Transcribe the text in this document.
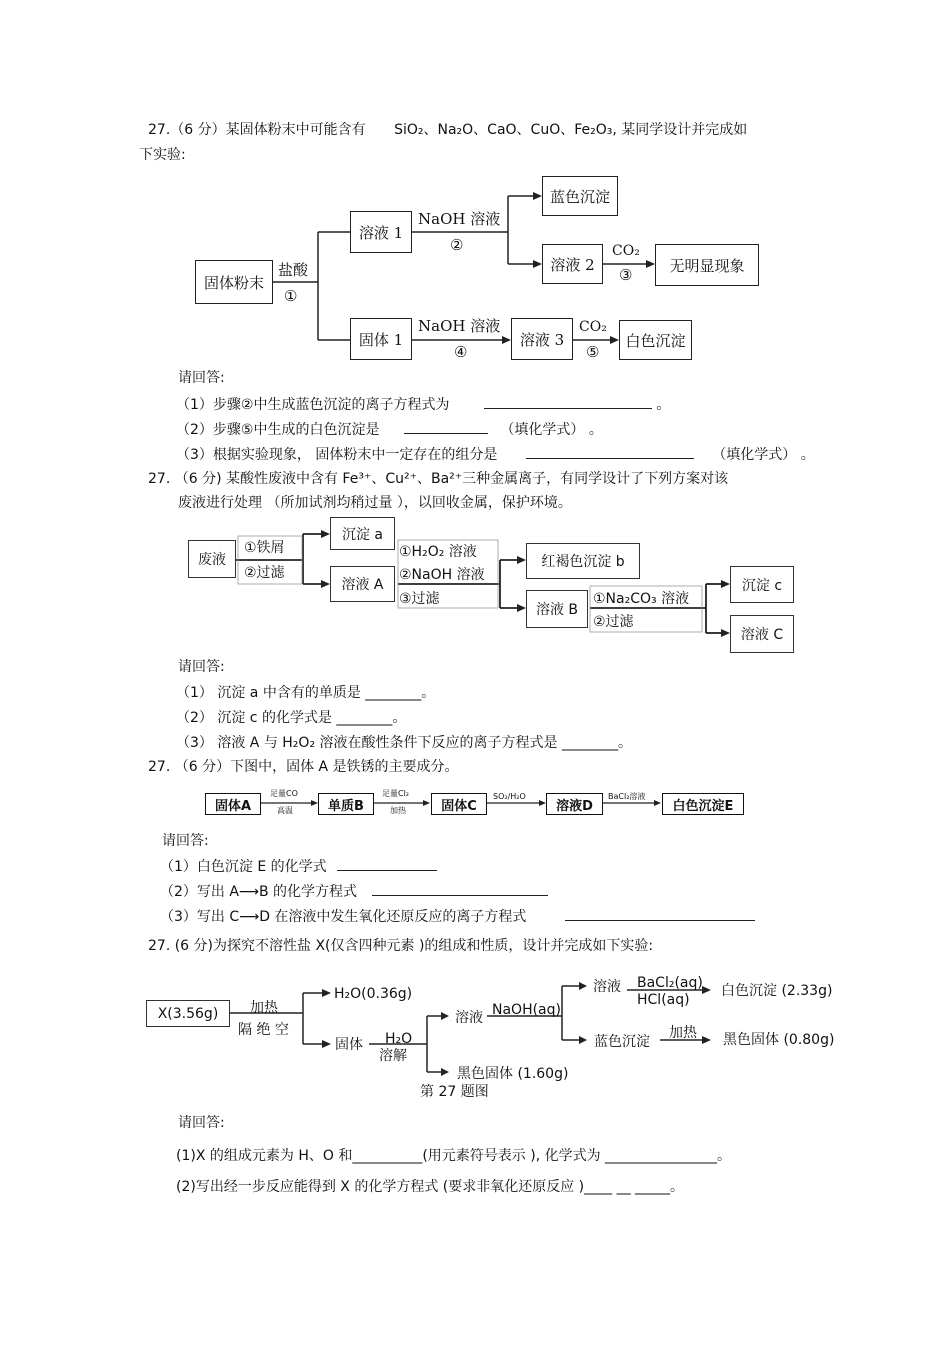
27.（6 分）某固体粉末中可能含有 SiO₂、Na₂O、CaO、CuO、Fe₂O₃, 某同学设计并完成如
下实验:
固体粉末
盐酸
①
溶液 1
NaOH 溶液
②
蓝色沉淀
溶液 2
CO₂
③
无明显现象
固体 1
NaOH 溶液
④
溶液 3
CO₂
⑤
白色沉淀
请回答:
（1）步骤②中生成蓝色沉淀的离子方程式为	。
（2）步骤⑤中生成的白色沉淀是	（填化学式） 。
（3）根据实验现象， 固体粉末中一定存在的组分是	（填化学式） 。
27. （6 分) 某酸性废液中含有 Fe³⁺、Cu²⁺、Ba²⁺三种金属离子，有同学设计了下列方案对该
废液进行处理 （所加试剂均稍过量 ），以回收金属，保护环境。
废液
①铁屑
②过滤
沉淀 a
溶液 A
①H₂O₂ 溶液
②NaOH 溶液
③过滤
红褐色沉淀 b
溶液 B
①Na₂CO₃ 溶液
②过滤
沉淀 c
溶液 C
请回答:
（1） 沉淀 a 中含有的单质是 ________。
（2） 沉淀 c 的化学式是 ________。
（3） 溶液 A 与 H₂O₂ 溶液在酸性条件下反应的离子方程式是 ________。
27. （6 分）下图中，固体 A 是铁锈的主要成分。
固体A
足量CO
高温	单质B
足量Cl₂
加热	固体C
SO₂/H₂O
溶液D
BaCl₂溶液
白色沉淀E
请回答:
（1）白色沉淀 E 的化学式
（2）写出 A⟶B 的化学方程式
（3）写出 C⟶D 在溶液中发生氧化还原反应的离子方程式
27. (6 分)为探究不溶性盐 X(仅含四种元素 )的组成和性质，设计并完成如下实验:
X(3.56g)	加热
隔 绝 空
H₂O(0.36g)
固体 H₂O
溶解
溶液 NaOH(aq)
溶液 BaCl₂(aq)
HCl(aq)
白色沉淀 (2.33g)
蓝色沉淀
加热 黑色固体 (0.80g)
黑色固体 (1.60g)
第 27 题图
请回答:
(1)X 的组成元素为 H、O 和__________(用元素符号表示 ), 化学式为 ________________。
(2)写出经一步反应能得到 X 的化学方程式 (要求非氧化还原反应 )____ __ _____。
